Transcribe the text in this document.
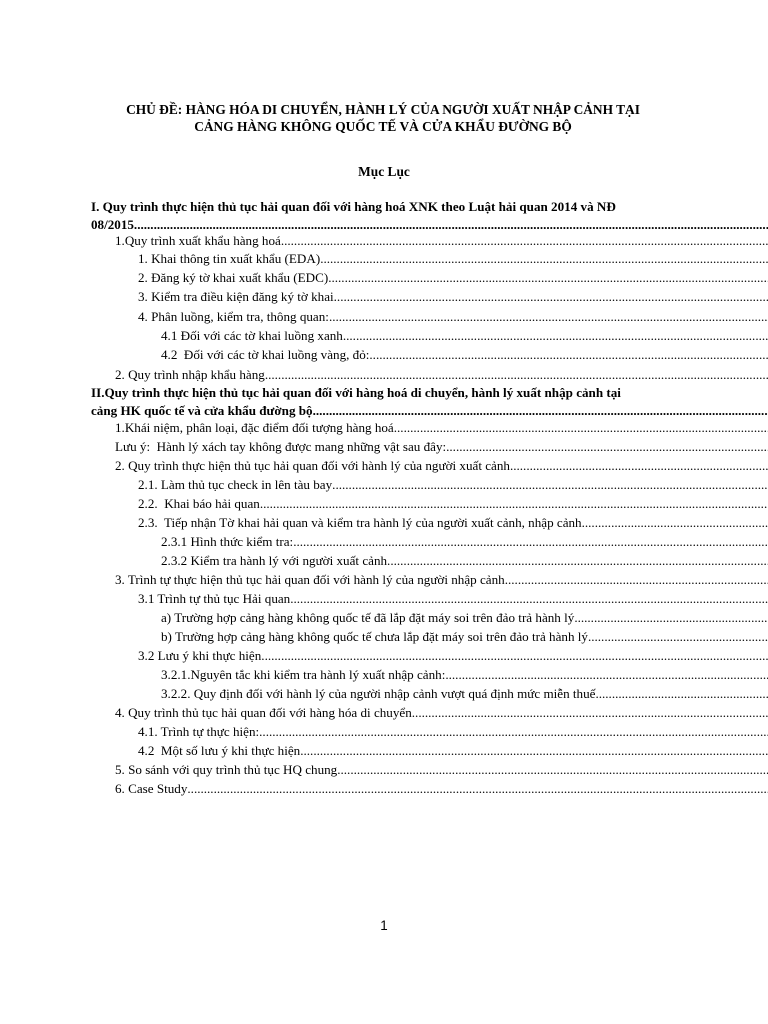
CHỦ ĐỀ: HÀNG HÓA DI CHUYỂN, HÀNH LÝ CỦA NGƯỜI XUẤT NHẬP CẢNH TẠI
CẢNG HÀNG KHÔNG QUỐC TẾ VÀ CỬA KHẨU ĐƯỜNG BỘ
Mục Lục
I. Quy trình thực hiện thủ tục hải quan đối với hàng hoá XNK theo Luật hải quan 2014 và NĐ
08/2015
.....
1.Quy trình xuất khẩu hàng hoá
.....
1. Khai thông tin xuất khẩu (EDA)
.....
2. Đăng ký tờ khai xuất khẩu (EDC)
.....
3. Kiểm tra điều kiện đăng ký tờ khai
.....
4. Phân luồng, kiểm tra, thông quan:
.....
4.1 Đối với các tờ khai luồng xanh
.....
4.2  Đối với các tờ khai luồng vàng, đỏ:
.....
2. Quy trình nhập khẩu hàng
.....
II.Quy trình thực hiện thủ tục hải quan đối với hàng hoá di chuyển, hành lý xuất nhập cảnh tại
cảng HK quốc tế và cửa khẩu đường bộ
.....
1.Khái niệm, phân loại, đặc điểm đối tượng hàng hoá
.....
Lưu ý:  Hành lý xách tay không được mang những vật sau đây:
.....
2. Quy trình thực hiện thủ tục hải quan đối với hành lý của người xuất cảnh
.....
2.1. Làm thủ tục check in lên tàu bay
.....
2.2.  Khai báo hải quan
.....
2.3.  Tiếp nhận Tờ khai hải quan và kiểm tra hành lý của người xuất cảnh, nhập cảnh
.....
2.3.1 Hình thức kiểm tra:
.....
2.3.2 Kiểm tra hành lý với người xuất cảnh
.....
3. Trình tự thực hiện thủ tục hải quan đối với hành lý của người nhập cảnh
.....
3.1 Trình tự thủ tục Hải quan
.....
a) Trường hợp cảng hàng không quốc tế đã lắp đặt máy soi trên đảo trả hành lý
.....
b) Trường hợp cảng hàng không quốc tế chưa lắp đặt máy soi trên đảo trả hành lý
.....
3.2 Lưu ý khi thực hiện
.....
3.2.1.Nguyên tắc khi kiểm tra hành lý xuất nhập cảnh:
.....
3.2.2. Quy định đối với hành lý của người nhập cảnh vượt quá định mức miễn thuế
.....
4. Quy trình thủ tục hải quan đối với hàng hóa di chuyển
.....
4.1. Trình tự thực hiện:
.....
4.2  Một số lưu ý khi thực hiện
.....
5. So sánh với quy trình thủ tục HQ chung
.....
6. Case Study
.....
1
